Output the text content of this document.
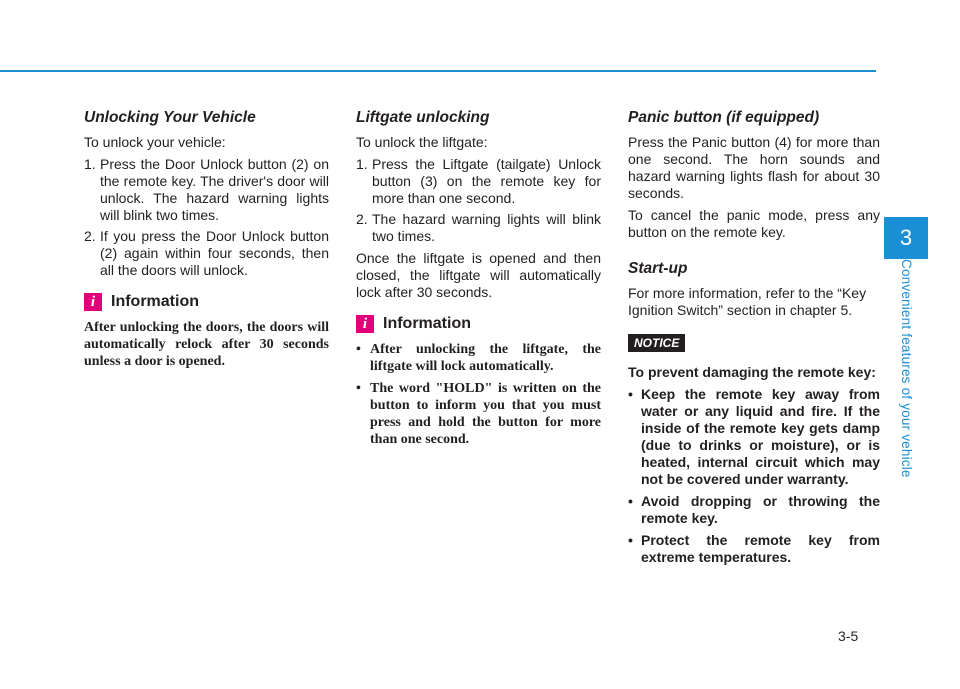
Unlocking Your Vehicle

To unlock your vehicle:

1. Press the Door Unlock button (2) on the remote key. The driver's door will unlock. The hazard warning lights will blink two times.
2. If you press the Door Unlock button (2) again within four seconds, then all the doors will unlock.
i Information

After unlocking the doors, the doors will automatically relock after 30 seconds unless a door is opened.

Liftgate unlocking

To unlock the liftgate:

1. Press the Liftgate (tailgate) Unlock button (3) on the remote key for more than one second.
2. The hazard warning lights will blink two times.

Once the liftgate is opened and then closed, the liftgate will automatically lock after 30 seconds.

i Information
• After unlocking the liftgate, the liftgate will lock automatically.
• The word "HOLD" is written on the button to inform you that you must press and hold the button for more than one second.
Panic button (if equipped)

Press the Panic button (4) for more than one second. The horn sounds and hazard warning lights flash for about 30 seconds.

To cancel the panic mode, press any button on the remote key.

Start-up

For more information, refer to the “Key Ignition Switch” section in chapter 5.

NOTICE

To prevent damaging the remote key:

• Keep the remote key away from water or any liquid and fire. If the inside of the remote key gets damp (due to drinks or moisture), or is heated, internal circuit which may not be covered under warranty.
• Avoid dropping or throwing the remote key.
• Protect the remote key from extreme temperatures.
3
Convenient features of your vehicle
3-5
